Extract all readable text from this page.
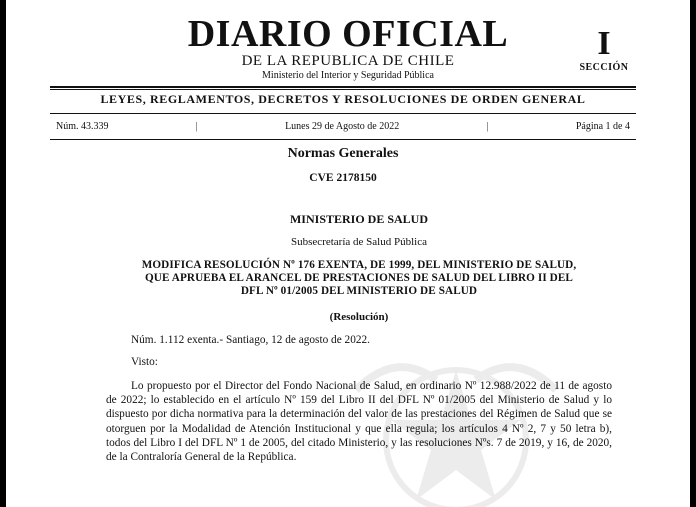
DIARIO OFICIAL
DE LA REPUBLICA DE CHILE
Ministerio del Interior y Seguridad Pública
I
SECCIÓN
LEYES, REGLAMENTOS, DECRETOS Y RESOLUCIONES DE ORDEN GENERAL
Núm. 43.339	|	Lunes 29 de Agosto de 2022	|	Página 1 de 4
Normas Generales
CVE 2178150
MINISTERIO DE SALUD
Subsecretaría de Salud Pública
MODIFICA RESOLUCIÓN Nº 176 EXENTA, DE 1999, DEL MINISTERIO DE SALUD,
QUE APRUEBA EL ARANCEL DE PRESTACIONES DE SALUD DEL LIBRO II DEL
DFL Nº 01/2005 DEL MINISTERIO DE SALUD
(Resolución)
Núm. 1.112 exenta.- Santiago, 12 de agosto de 2022.
Visto:
Lo propuesto por el Director del Fondo Nacional de Salud, en ordinario Nº 12.988/2022 de 11 de agosto de 2022; lo establecido en el artículo Nº 159 del Libro II del DFL Nº 01/2005 del Ministerio de Salud y lo dispuesto por dicha normativa para la determinación del valor de las prestaciones del Régimen de Salud que se otorguen por la Modalidad de Atención Institucional y que ella regula; los artículos 4 Nº 2, 7 y 50 letra b), todos del Libro I del DFL Nº 1 de 2005, del citado Ministerio, y las resoluciones Nºs. 7 de 2019, y 16, de 2020, de la Contraloría General de la República.
